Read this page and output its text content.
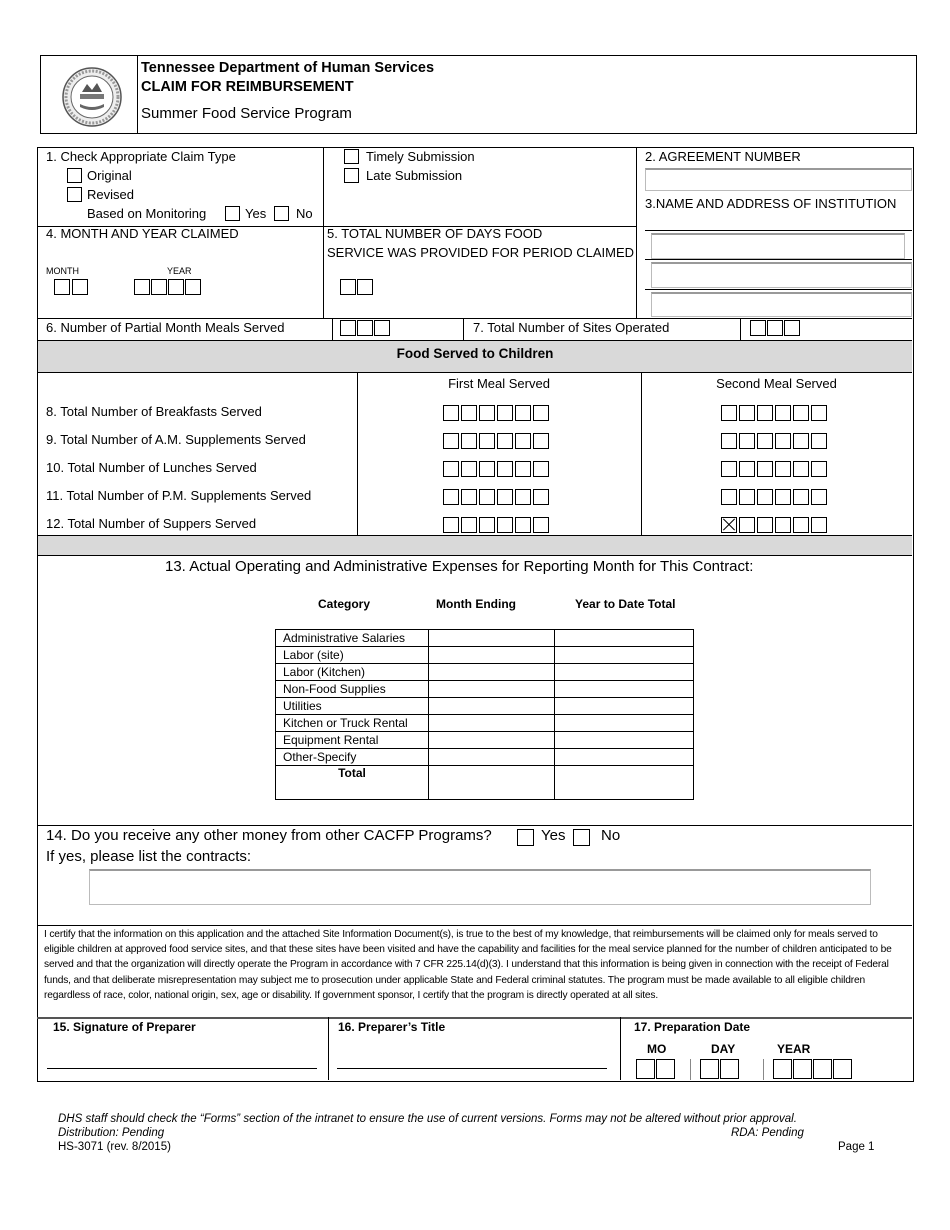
Tennessee Department of Human Services
CLAIM FOR REIMBURSEMENT
Summer Food Service Program
1. Check Appropriate Claim Type
Original
Revised
Based on Monitoring	Yes No
Timely Submission
Late Submission
2. AGREEMENT NUMBER
3.NAME AND ADDRESS OF INSTITUTION
4. MONTH AND YEAR CLAIMED
MONTH	YEAR
5. TOTAL NUMBER OF DAYS FOOD
SERVICE WAS PROVIDED FOR PERIOD CLAIMED
6. Number of Partial Month Meals Served	7. Total Number of Sites Operated
Food Served to Children
First Meal Served	Second Meal Served
8. Total Number of Breakfasts Served
9. Total Number of A.M. Supplements Served
10. Total Number of Lunches Served
11. Total Number of P.M. Supplements Served
12. Total Number of Suppers Served
13. Actual Operating and Administrative Expenses for Reporting Month for This Contract:
Category	Month Ending	Year to Date Total
Administrative Salaries		
Labor (site)		
Labor (Kitchen)		
Non-Food Supplies		
Utilities		
Kitchen or Truck Rental		
Equipment Rental		
Other-Specify		
Total		
14. Do you receive any other money from other CACFP Programs?	Yes No
If yes, please list the contracts:
I certify that the information on this application and the attached Site Information Document(s), is true to the best of my knowledge, that reimbursements will be claimed only for meals served to eligible children at approved food service sites, and that these sites have been visited and have the capability and facilities for the meal service planned for the number of children anticipated to be served and that the organization will directly operate the Program in accordance with 7 CFR 225.14(d)(3). I understand that this information is being given in connection with the receipt of Federal funds, and that deliberate misrepresentation may subject me to prosecution under applicable State and Federal criminal statutes. The program must be made available to all eligible children regardless of race, color, national origin, sex, age or disability. If government sponsor, I certify that the program is directly operated at all sites.
15. Signature of Preparer	16. Preparer’s Title	17. Preparation Date
MO	DAY	YEAR
DHS staff should check the “Forms” section of the intranet to ensure the use of current versions. Forms may not be altered without prior approval.
Distribution: Pending	RDA: Pending
HS-3071 (rev. 8/2015)	Page 1
